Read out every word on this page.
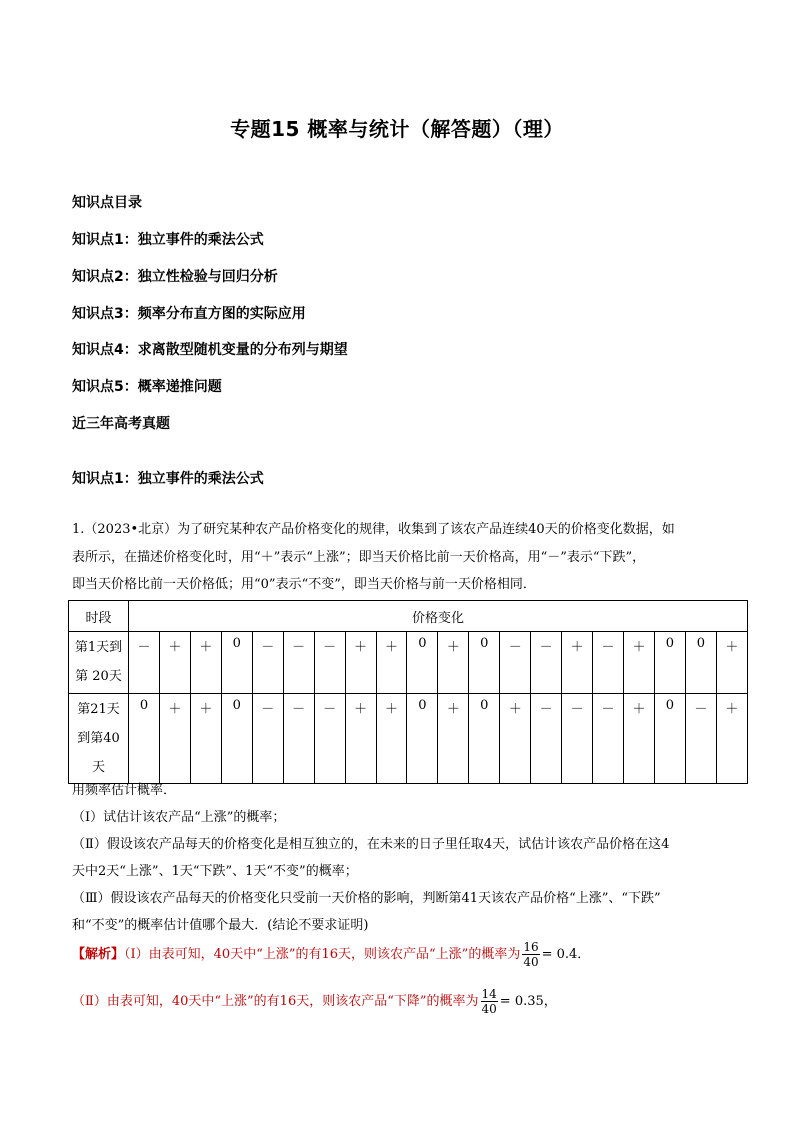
专题15 概率与统计（解答题）（理）
知识点目录
知识点1：独立事件的乘法公式
知识点2：独立性检验与回归分析
知识点3：频率分布直方图的实际应用
知识点4：求离散型随机变量的分布列与期望
知识点5：概率递推问题
近三年高考真题
知识点1：独立事件的乘法公式
1.（2023•北京）为了研究某种农产品价格变化的规律，收集到了该农产品连续40天的价格变化数据，如
表所示，在描述价格变化时，用“＋”表示“上涨”；即当天价格比前一天价格高，用“－”表示“下跌”，
即当天价格比前一天价格低；用“0”表示“不变”，即当天价格与前一天价格相同．
时段	价格变化																			

第1天到
第 20天	－	＋	＋	0	－	－	－	＋	＋	0	＋	0	－	－	＋	－	＋	0	0	＋

第21天
到第40
天	0	＋	＋	0	－	－	－	＋	＋	0	＋	0	＋	－	－	－	＋	0	－	＋
用频率估计概率．
（Ⅰ）试估计该农产品“上涨”的概率；
（Ⅱ）假设该农产品每天的价格变化是相互独立的，在未来的日子里任取4天，试估计该农产品价格在这4
天中2天“上涨”、1天“下跌”、1天“不变”的概率；
（Ⅲ）假设该农产品每天的价格变化只受前一天价格的影响，判断第41天该农产品价格“上涨”、“下跌”
和“不变”的概率估计值哪个最大．(结论不要求证明)
【解析】（Ⅰ）由表可知，40天中“上涨”的有16天，则该农产品“上涨”的概率为 $\frac{16}{40} = 0.4$．
（Ⅱ）由表可知，40天中“上涨”的有16天，则该农产品“下降”的概率为 $\frac{14}{40} = 0.35$，
